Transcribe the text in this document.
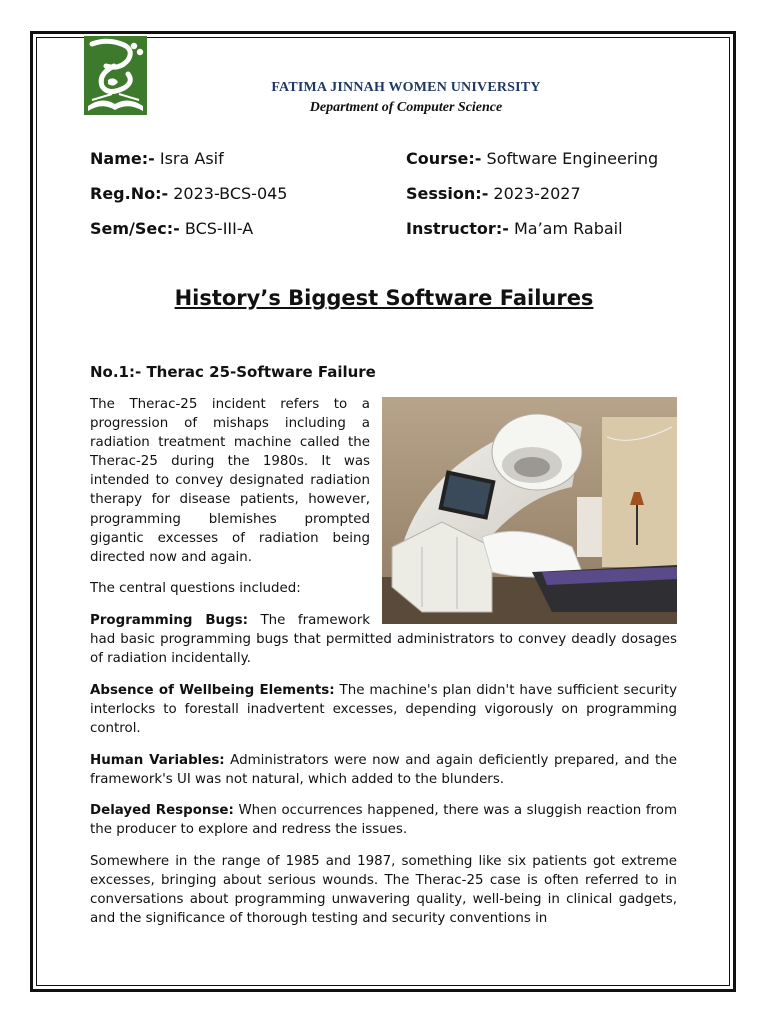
FATIMA JINNAH WOMEN UNIVERSITY
Department of Computer Science
Name:- Isra Asif	Course:- Software Engineering
Reg.No:- 2023-BCS-045	Session:- 2023-2027
Sem/Sec:- BCS-III-A	Instructor:- Ma’am Rabail
History’s Biggest Software Failures
No.1:- Therac 25-Software Failure

The Therac-25 incident refers to a progression of mishaps including a radiation treatment machine called the Therac-25 during the 1980s. It was intended to convey designated radiation therapy for disease patients, however, programming blemishes prompted gigantic excesses of radiation being directed now and again.

The central questions included:

Programming Bugs: The framework had basic programming bugs that permitted administrators to convey deadly dosages of radiation incidentally.

Absence of Wellbeing Elements: The machine's plan didn't have sufficient security interlocks to forestall inadvertent excesses, depending vigorously on programming control.

Human Variables: Administrators were now and again deficiently prepared, and the framework's UI was not natural, which added to the blunders.

Delayed Response: When occurrences happened, there was a sluggish reaction from the producer to explore and redress the issues.

Somewhere in the range of 1985 and 1987, something like six patients got extreme excesses, bringing about serious wounds. The Therac-25 case is often referred to in conversations about programming unwavering quality, well-being in clinical gadgets, and the significance of thorough testing and security conventions in
